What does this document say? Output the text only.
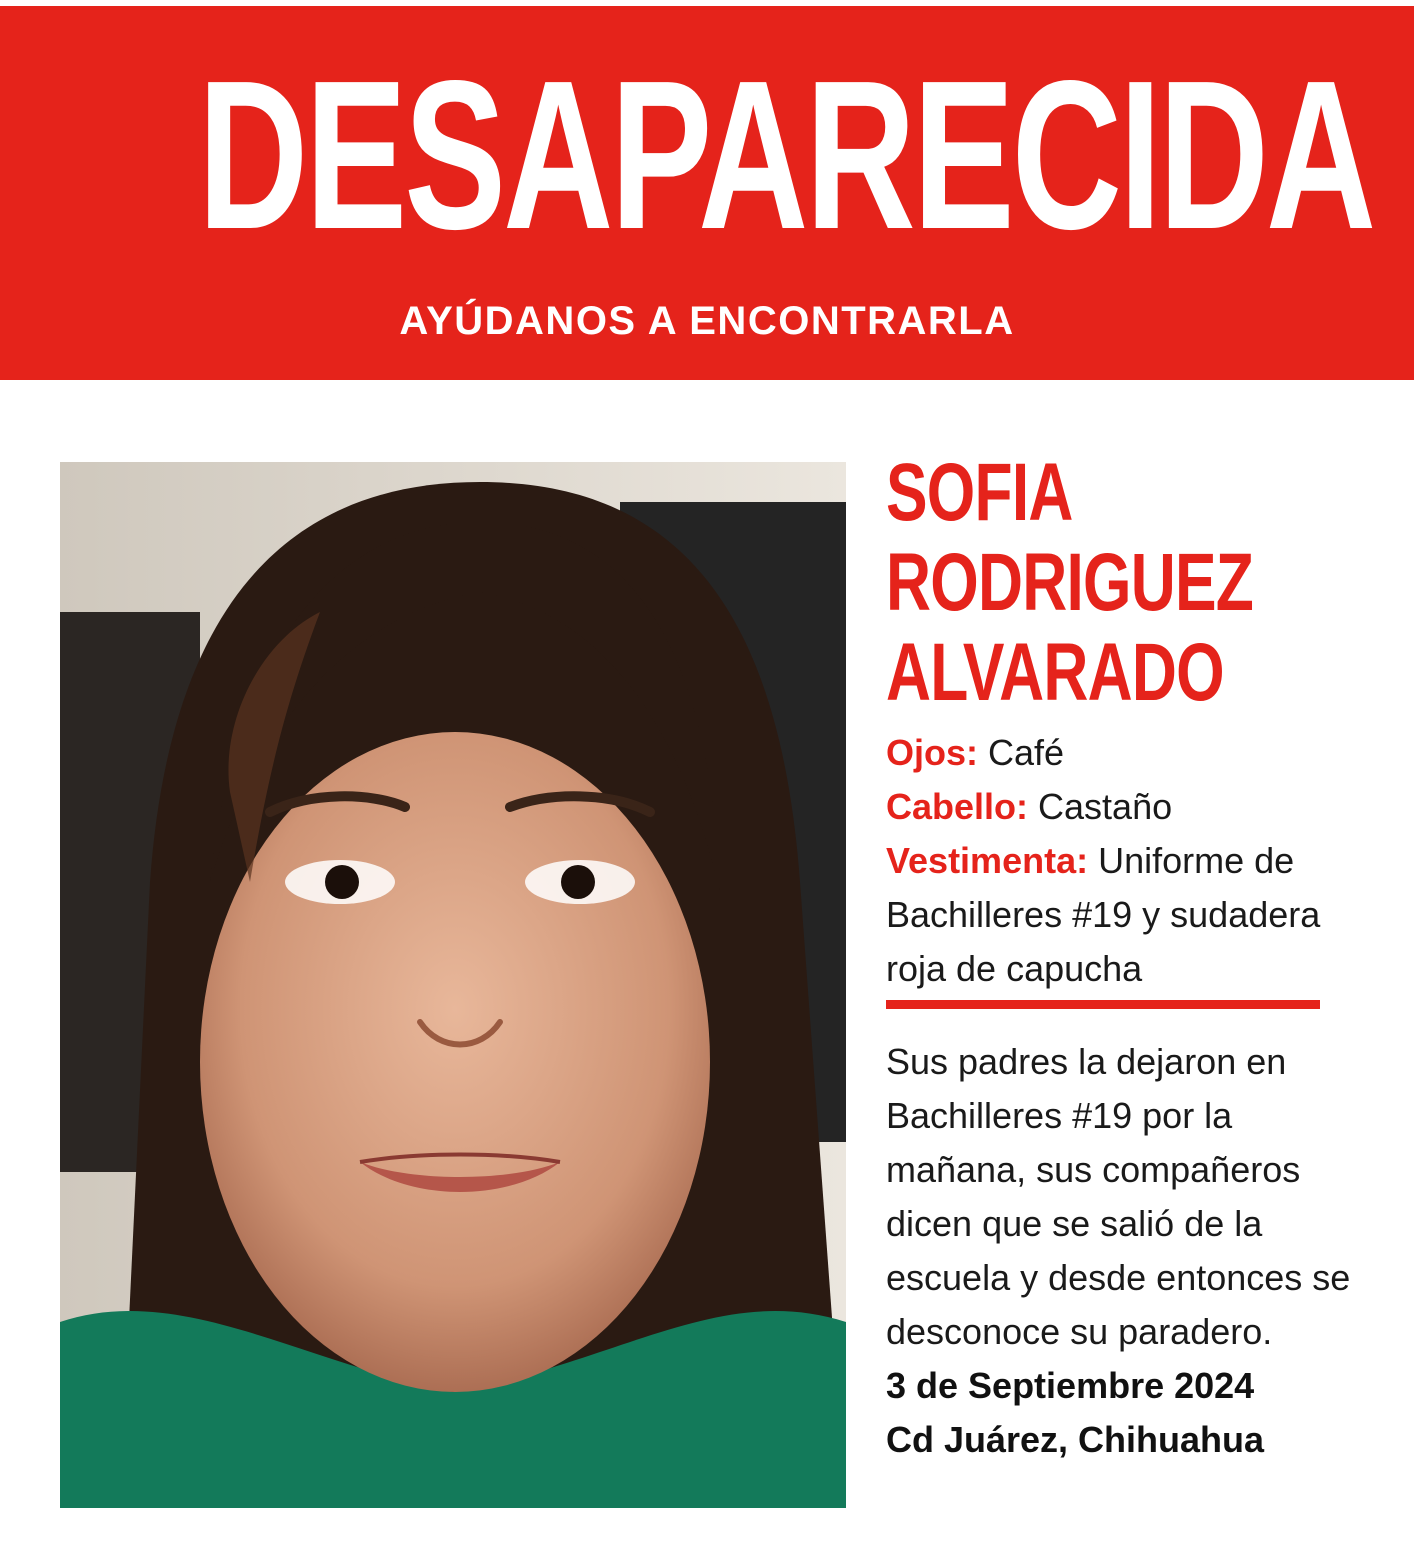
DESAPARECIDA
AYÚDANOS A ENCONTRARLA
SOFIA
RODRIGUEZ
ALVARADO
Ojos: Café
Cabello: Castaño
Vestimenta: Uniforme de Bachilleres #19 y sudadera roja de capucha
Sus padres la dejaron en Bachilleres #19 por la mañana, sus compañeros dicen que se salió de la escuela y desde entonces se desconoce su paradero.
3 de Septiembre 2024
Cd Juárez, Chihuahua
